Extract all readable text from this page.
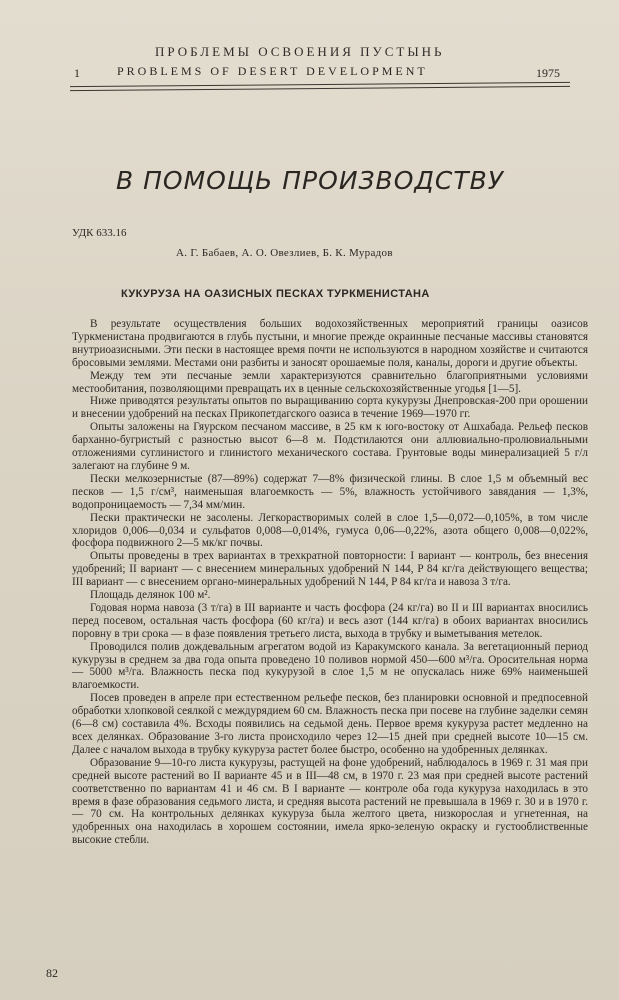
ПРОБЛЕМЫ ОСВОЕНИЯ ПУСТЫНЬ
1	PROBLEMS OF DESERT DEVELOPMENT	1975
В ПОМОЩЬ ПРОИЗВОДСТВУ
УДК 633.16
А. Г. Бабаев, А. О. Овезлиев, Б. К. Мурадов
КУКУРУЗА НА ОАЗИСНЫХ ПЕСКАХ ТУРКМЕНИСТАНА

В результате осуществления больших водохозяйственных мероприятий границы оазисов Туркменистана продвигаются в глубь пустыни, и многие прежде окраинные песчаные массивы становятся внутриоазисными. Эти пески в настоящее время почти не используются в народном хозяйстве и считаются бросовыми землями. Местами они разбиты и заносят орошаемые поля, каналы, дороги и другие объекты.

Между тем эти песчаные земли характеризуются сравнительно благоприятными условиями местообитания, позволяющими превращать их в ценные сельскохозяйственные угодья [1—5].

Ниже приводятся результаты опытов по выращиванию сорта кукурузы Днепровская-200 при орошении и внесении удобрений на песках Прикопетдагского оазиса в течение 1969—1970 гг.

Опыты заложены на Гяурском песчаном массиве, в 25 км к юго-востоку от Ашхабада. Рельеф песков барханно-бугристый с разностью высот 6—8 м. Подстилаются они аллювиально-пролювиальными отложениями суглинистого и глинистого механического состава. Грунтовые воды минерализацией 5 г/л залегают на глубине 9 м.

Пески мелкозернистые (87—89%) содержат 7—8% физической глины. В слое 1,5 м объемный вес песков — 1,5 г/см³, наименьшая влагоемкость — 5%, влажность устойчивого завядания — 1,3%, водопроницаемость — 7,34 мм/мин.

Пески практически не засолены. Легкорастворимых солей в слое 1,5—0,072—0,105%, в том числе хлоридов 0,006—0,034 и сульфатов 0,008—0,014%, гумуса 0,06—0,22%, азота общего 0,008—0,022%, фосфора подвижного 2—5 мк/кг почвы.

Опыты проведены в трех вариантах в трехкратной повторности: I вариант — контроль, без внесения удобрений; II вариант — с внесением минеральных удобрений N 144, P 84 кг/га действующего вещества; III вариант — с внесением органо-минеральных удобрений N 144, P 84 кг/га и навоза 3 т/га.

Площадь делянок 100 м².

Годовая норма навоза (3 т/га) в III варианте и часть фосфора (24 кг/га) во II и III вариантах вносились перед посевом, остальная часть фосфора (60 кг/га) и весь азот (144 кг/га) в обоих вариантах вносились поровну в три срока — в фазе появления третьего листа, выхода в трубку и выметывания метелок.

Проводился полив дождевальным агрегатом водой из Каракумского канала. За вегетационный период кукурузы в среднем за два года опыта проведено 10 поливов нормой 450—600 м³/га. Оросительная норма — 5000 м³/га. Влажность песка под кукурузой в слое 1,5 м не опускалась ниже 69% наименьшей влагоемкости.

Посев проведен в апреле при естественном рельефе песков, без планировки основной и предпосевной обработки хлопковой сеялкой с междурядием 60 см. Влажность песка при посеве на глубине заделки семян (6—8 см) составила 4%. Всходы появились на седьмой день. Первое время кукуруза растет медленно на всех делянках. Образование 3-го листа происходило через 12—15 дней при средней высоте 10—15 см. Далее с началом выхода в трубку кукуруза растет более быстро, особенно на удобренных делянках.

Образование 9—10-го листа кукурузы, растущей на фоне удобрений, наблюдалось в 1969 г. 31 мая при средней высоте растений во II варианте 45 и в III—48 см, в 1970 г. 23 мая при средней высоте растений соответственно по вариантам 41 и 46 см. В I варианте — контроле оба года кукуруза находилась в это время в фазе образования седьмого листа, и средняя высота растений не превышала в 1969 г. 30 и в 1970 г. — 70 см. На контрольных делянках кукуруза была желтого цвета, низкорослая и угнетенная, на удобренных она находилась в хорошем состоянии, имела ярко-зеленую окраску и густооблиственные высокие стебли.

82
